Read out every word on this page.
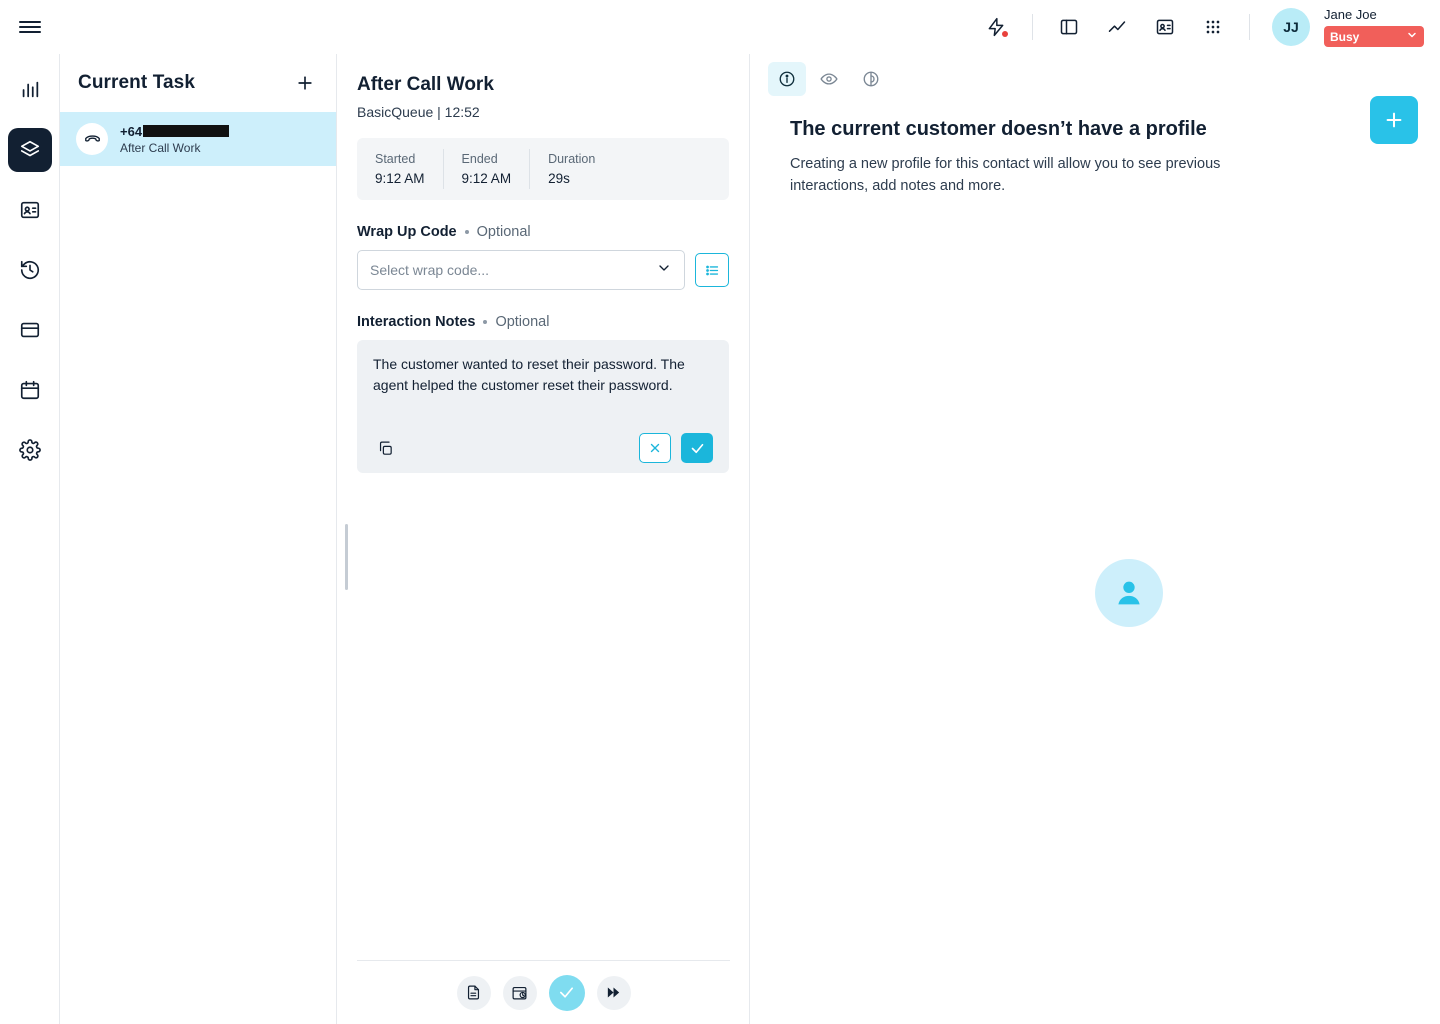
JJ
Jane Joe
Busy
Current Task
+64
After Call Work
After Call Work
BasicQueue | 12:52
Started
9:12 AM
Ended
9:12 AM
Duration
29s
Wrap Up Code Optional
Select wrap code...
Interaction Notes Optional
The customer wanted to reset their password. The agent helped the customer reset their password.
The current customer doesn’t have a profile
Creating a new profile for this contact will allow you to see previous interactions, add notes and more.
